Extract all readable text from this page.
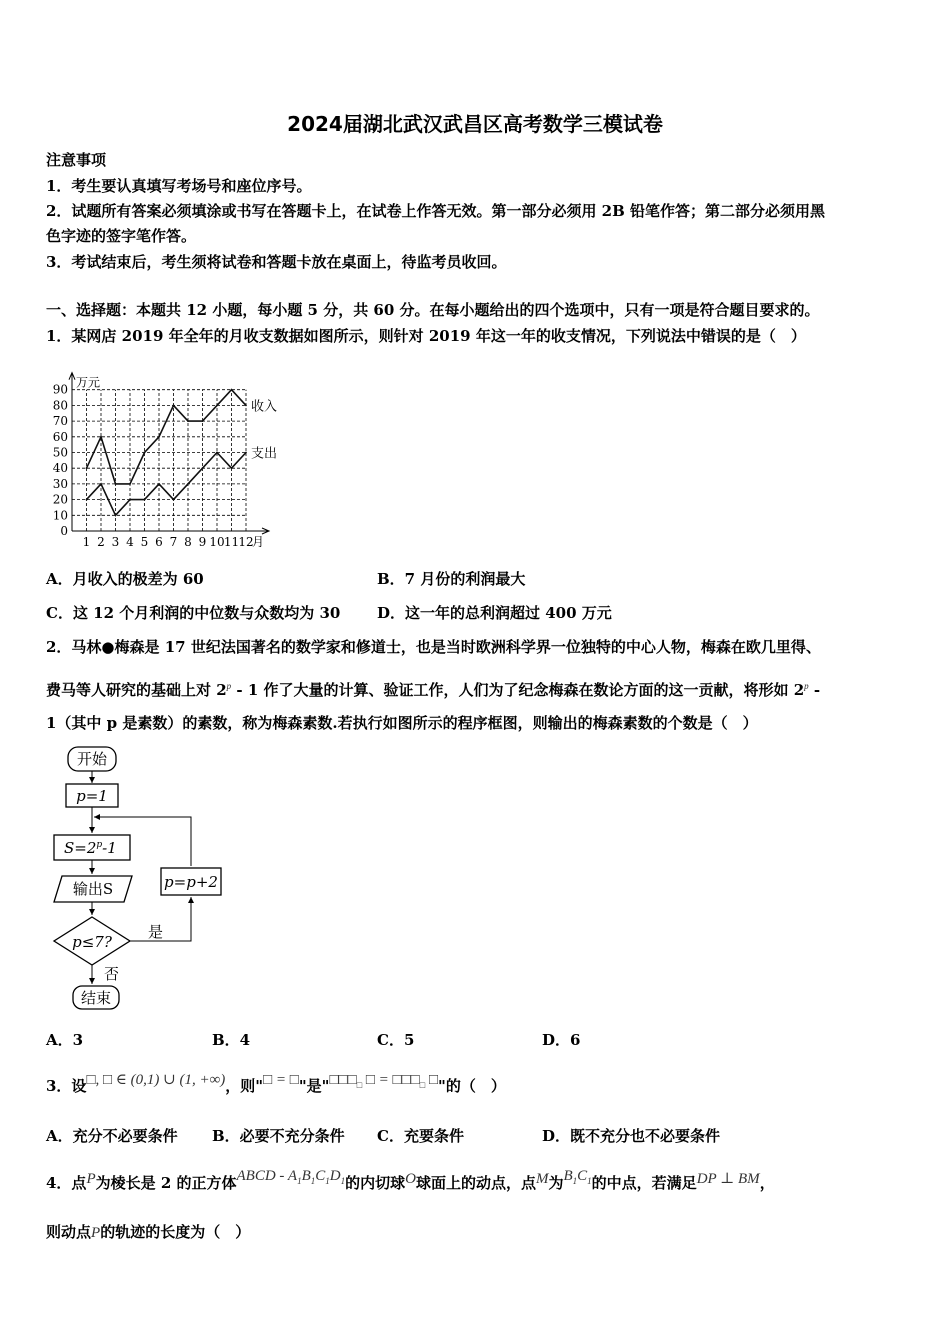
2024届湖北武汉武昌区高考数学三模试卷
注意事项
1．考生要认真填写考场号和座位序号。
2．试题所有答案必须填涂或书写在答题卡上，在试卷上作答无效。第一部分必须用 2B 铅笔作答；第二部分必须用黑
色字迹的签字笔作答。
3．考试结束后，考生须将试卷和答题卡放在桌面上，待监考员收回。
一、选择题：本题共 12 小题，每小题 5 分，共 60 分。在每小题给出的四个选项中，只有一项是符合题目要求的。
1．某网店 2019 年全年的月收支数据如图所示，则针对 2019 年这一年的收支情况，下列说法中错误的是（　）
0
10
20
30
40
50
60
70
80
90
1 2 3 4 5 6 7 8 9 10 11 12
万元
月
收入
支出
A．月收入的极差为 60	B．7 月份的利润最大
C．这 12 个月利润的中位数与众数均为 30 D．这一年的总利润超过 400 万元
2．马林●梅森是 17 世纪法国著名的数学家和修道士，也是当时欧洲科学界一位独特的中心人物，梅森在欧几里得、
费马等人研究的基础上对 2$^p$ - 1 作了大量的计算、验证工作，人们为了纪念梅森在数论方面的这一贡献，将形如 2$^p$ -
1（其中 p 是素数）的素数，称为梅森素数.若执行如图所示的程序框图，则输出的梅森素数的个数是（　）
开始
p=1
$S=2^p-1$
输出S
p≤7?
是
p=p+2
否
结束
A．3	B．4	C．5	D．6
3．设□, □ ∈ (0,1) ∪ (1, +∞)，则"□ = □"是"$□□□_□$ □ = $□□□_□$ □"的（　）
A．充分不必要条件 B．必要不充分条件 C．充要条件	D．既不充分也不必要条件
4．点P为棱长是 2 的正方体ABCD - $A_1B_1C_1D_1$的内切球O球面上的动点，点M为$B_1C_1$的中点，若满足DP ⊥ BM，
则动点P的轨迹的长度为（　）
